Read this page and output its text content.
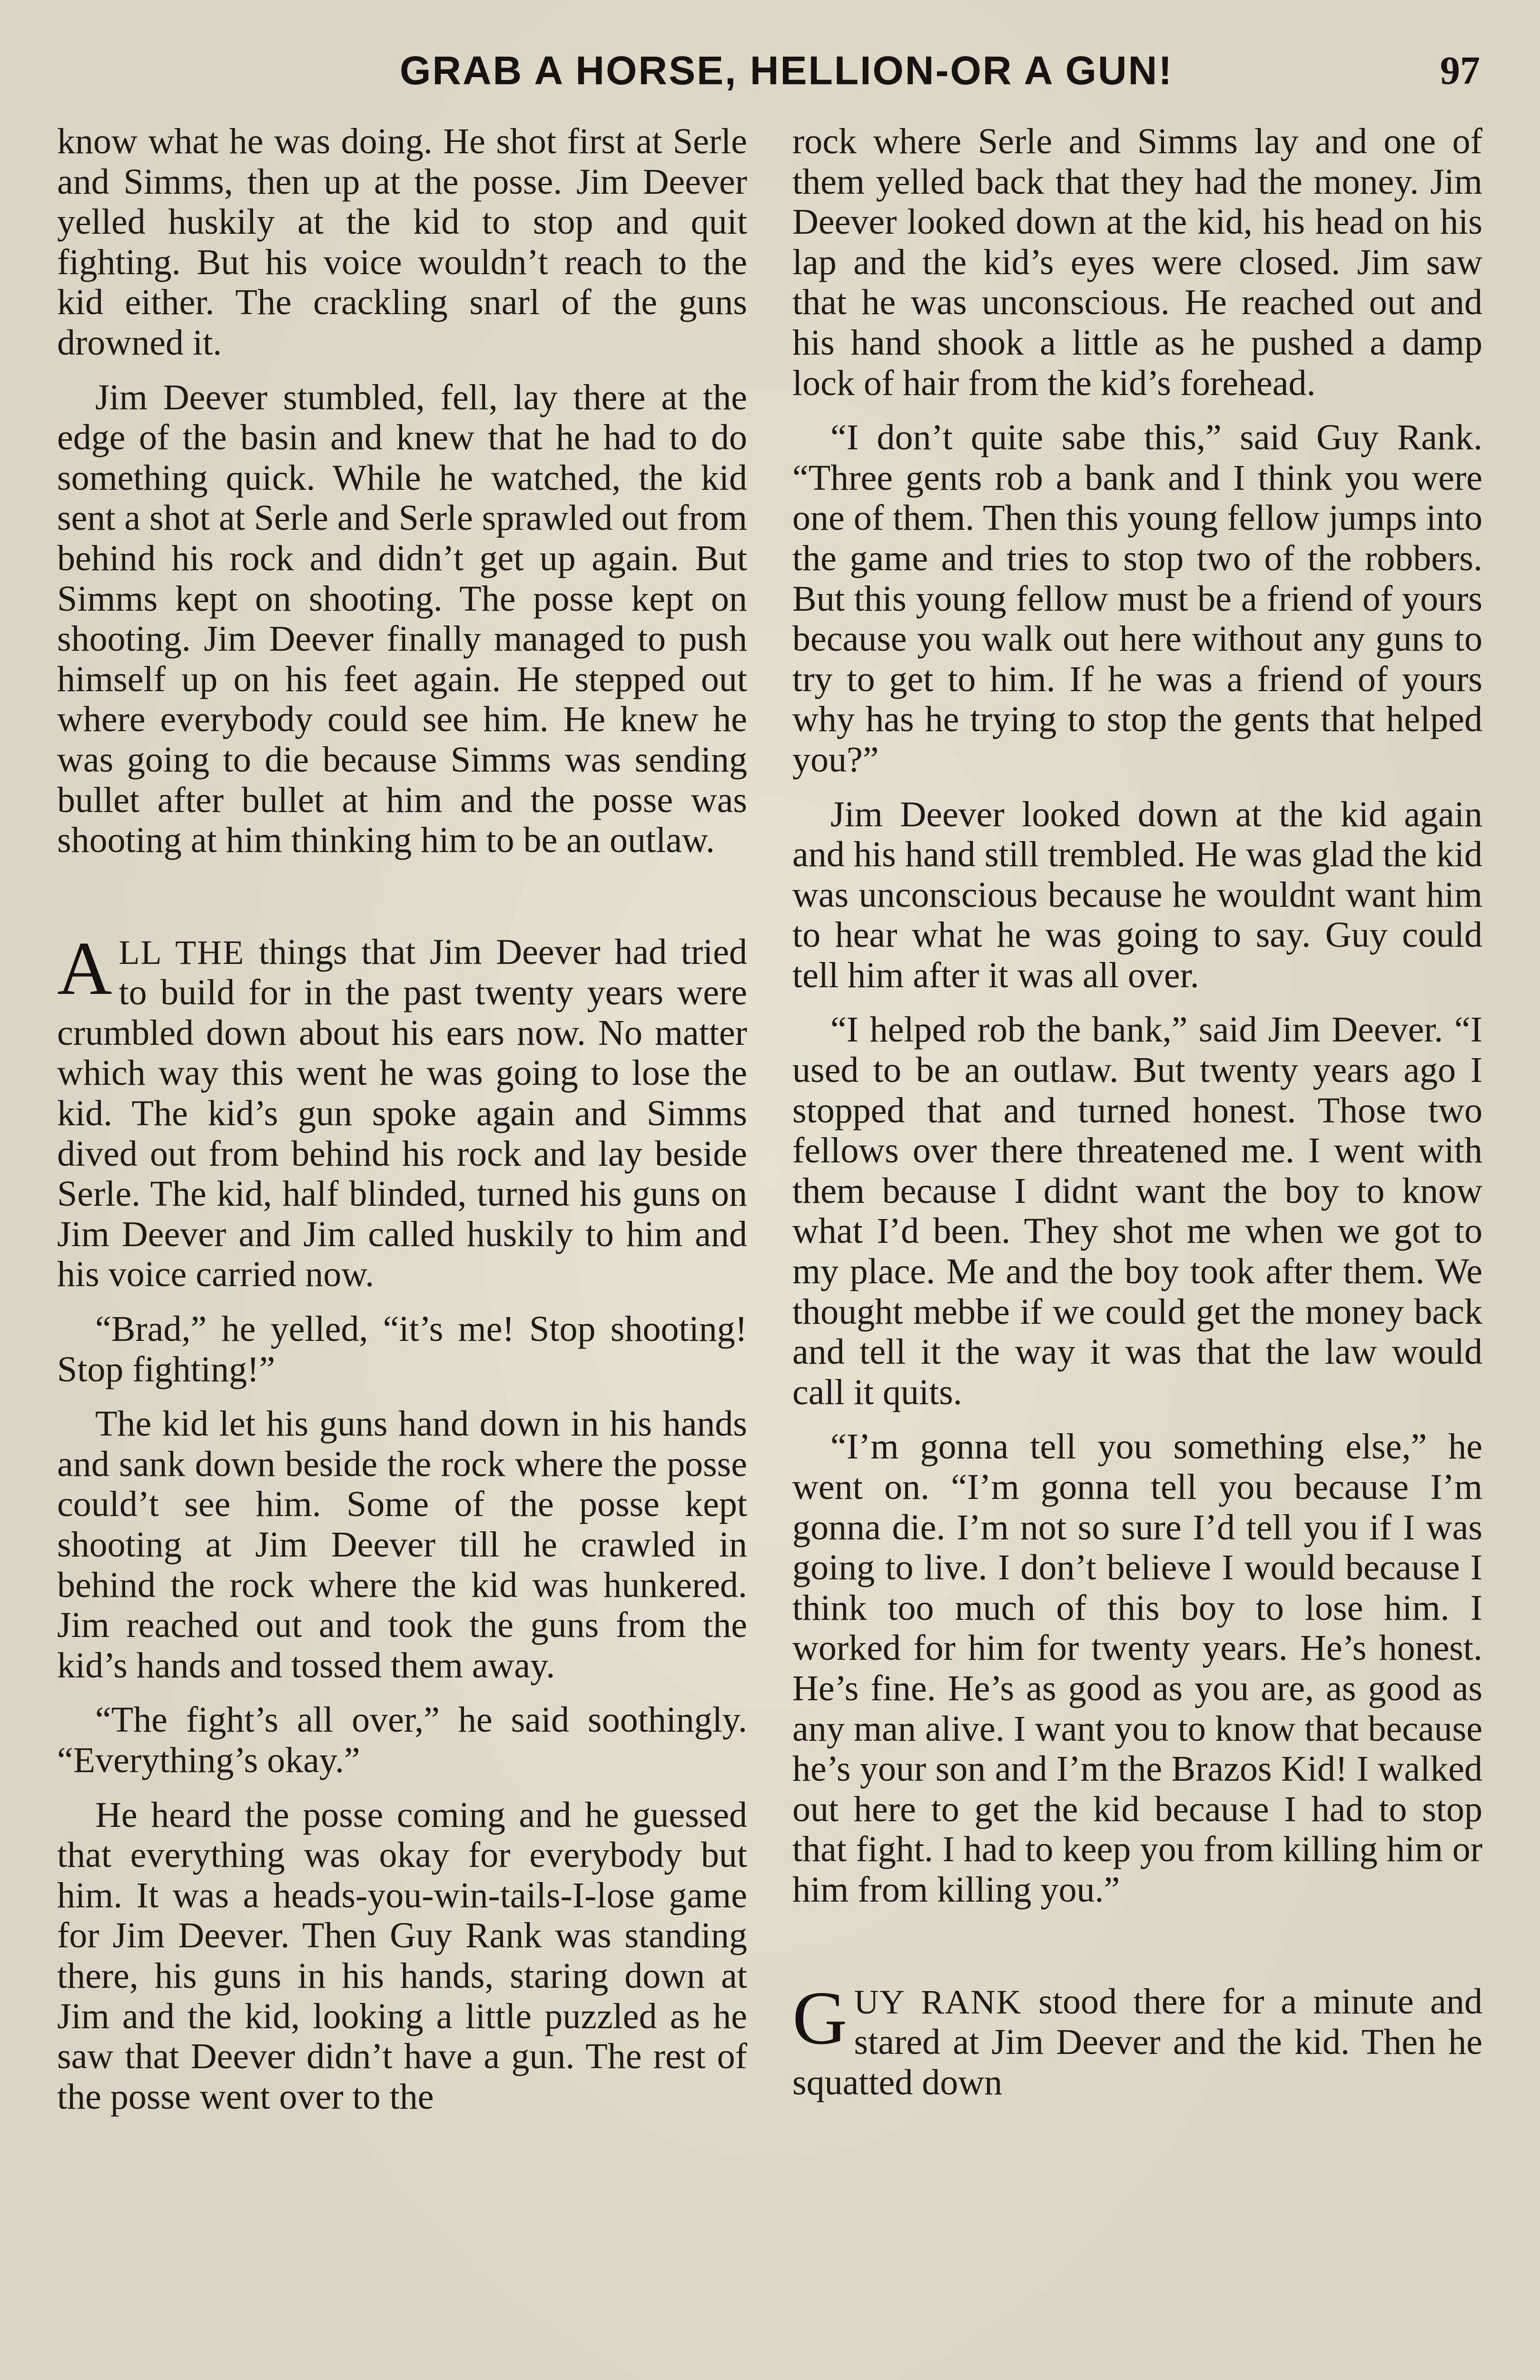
GRAB A HORSE, HELLION-OR A GUN!	97

know what he was doing. He shot first at Serle and Simms, then up at the posse. Jim Deever yelled huskily at the kid to stop and quit fighting. But his voice wouldn’t reach to the kid either. The crackling snarl of the guns drowned it.

Jim Deever stumbled, fell, lay there at the edge of the basin and knew that he had to do something quick. While he watched, the kid sent a shot at Serle and Serle sprawled out from behind his rock and didn’t get up again. But Simms kept on shooting. The posse kept on shooting. Jim Deever finally managed to push himself up on his feet again. He stepped out where everybody could see him. He knew he was going to die because Simms was sending bullet after bullet at him and the posse was shooting at him thinking him to be an outlaw.

ALL THE things that Jim Deever had tried to build for in the past twenty years were crumbled down about his ears now. No matter which way this went he was going to lose the kid. The kid’s gun spoke again and Simms dived out from behind his rock and lay beside Serle. The kid, half blinded, turned his guns on Jim Deever and Jim called huskily to him and his voice carried now.

“Brad,” he yelled, “it’s me! Stop shooting! Stop fighting!”

The kid let his guns hand down in his hands and sank down beside the rock where the posse could’t see him. Some of the posse kept shooting at Jim Deever till he crawled in behind the rock where the kid was hunkered. Jim reached out and took the guns from the kid’s hands and tossed them away.

“The fight’s all over,” he said soothingly. “Everything’s okay.”

He heard the posse coming and he guessed that everything was okay for everybody but him. It was a heads-you-win-tails-I-lose game for Jim Deever. Then Guy Rank was standing there, his guns in his hands, staring down at Jim and the kid, looking a little puzzled as he saw that Deever didn’t have a gun. The rest of the posse went over to the

rock where Serle and Simms lay and one of them yelled back that they had the money. Jim Deever looked down at the kid, his head on his lap and the kid’s eyes were closed. Jim saw that he was unconscious. He reached out and his hand shook a little as he pushed a damp lock of hair from the kid’s forehead.

“I don’t quite sabe this,” said Guy Rank. “Three gents rob a bank and I think you were one of them. Then this young fellow jumps into the game and tries to stop two of the robbers. But this young fellow must be a friend of yours because you walk out here without any guns to try to get to him. If he was a friend of yours why has he trying to stop the gents that helped you?”

Jim Deever looked down at the kid again and his hand still trembled. He was glad the kid was unconscious because he wouldnt want him to hear what he was going to say. Guy could tell him after it was all over.

“I helped rob the bank,” said Jim Deever. “I used to be an outlaw. But twenty years ago I stopped that and turned honest. Those two fellows over there threatened me. I went with them because I didnt want the boy to know what I’d been. They shot me when we got to my place. Me and the boy took after them. We thought mebbe if we could get the money back and tell it the way it was that the law would call it quits.

“I’m gonna tell you something else,” he went on. “I’m gonna tell you because I’m gonna die. I’m not so sure I’d tell you if I was going to live. I don’t believe I would because I think too much of this boy to lose him. I worked for him for twenty years. He’s honest. He’s fine. He’s as good as you are, as good as any man alive. I want you to know that because he’s your son and I’m the Brazos Kid! I walked out here to get the kid because I had to stop that fight. I had to keep you from killing him or him from killing you.”

GUY RANK stood there for a minute and stared at Jim Deever and the kid. Then he squatted down
